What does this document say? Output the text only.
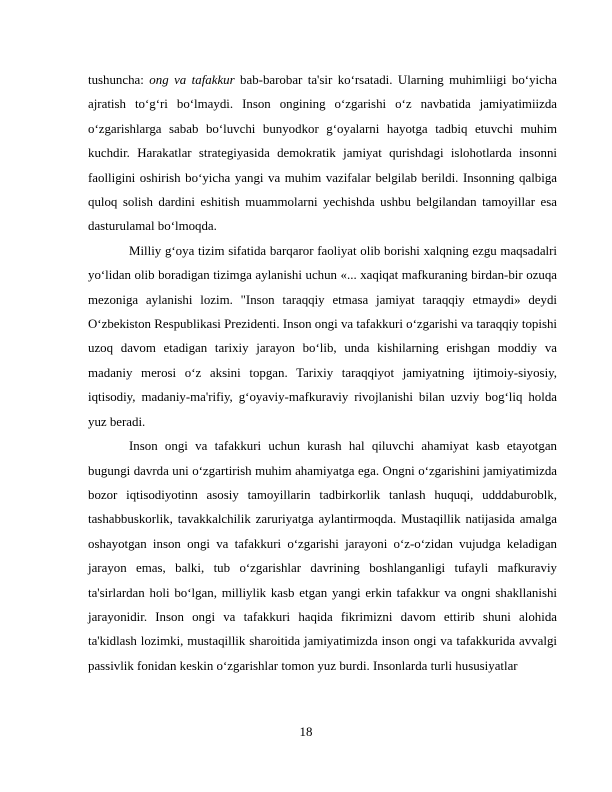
tushuncha: ong va tafakkur bab-barobar ta'sir koʻrsatadi. Ularning muhimliigi boʻyicha ajratish toʻgʻri boʻlmaydi. Inson ongining oʻzgarishi oʻz navbatida jamiyatimiizda oʻzgarishlarga sabab boʻluvchi bunyodkor gʻoyalarni hayotga tadbiq etuvchi muhim kuchdir. Harakatlar strategiyasida demokratik jamiyat qurishdagi islohotlarda insonni faolligini oshirish boʻyicha yangi va muhim vazifalar belgilab berildi. Insonning qalbiga quloq solish dardini eshitish muammolarni yechishda ushbu belgilandan tamoyillar esa dasturulamal boʻlmoqda.

Milliy gʻoya tizim sifatida barqaror faoliyat olib borishi xalqning ezgu maqsadalri yoʻlidan olib boradigan tizimga aylanishi uchun «... xaqiqat mafkuraning birdan-bir ozuqa mezoniga aylanishi lozim. "Inson taraqqiy etmasa jamiyat taraqqiy etmaydi» deydi Oʻzbekiston Respublikasi Prezidenti. Inson ongi va tafakkuri oʻzgarishi va taraqqiy topishi uzoq davom etadigan tarixiy jarayon boʻlib, unda kishilarning erishgan moddiy va madaniy merosi oʻz aksini topgan. Tarixiy taraqqiyot jamiyatning ijtimoiy-siyosiy, iqtisodiy, madaniy-ma'rifiy, gʻoyaviy-mafkuraviy rivojlanishi bilan uzviy bogʻliq holda yuz beradi.

Inson ongi va tafakkuri uchun kurash hal qiluvchi ahamiyat kasb etayotgan bugungi davrda uni oʻzgartirish muhim ahamiyatga ega. Ongni oʻzgarishini jamiyatimizda bozor iqtisodiyotinn asosiy tamoyillarin tadbirkorlik tanlash huquqi, udddaburoblk, tashabbuskorlik, tavakkalchilik zaruriyatga aylantirmoqda. Mustaqillik natijasida amalga oshayotgan inson ongi va tafakkuri oʻzgarishi jarayoni oʻz-oʻzidan vujudga keladigan jarayon emas, balki, tub oʻzgarishlar davrining boshlanganligi tufayli mafkuraviy ta'sirlardan holi boʻlgan, milliylik kasb etgan yangi erkin tafakkur va ongni shakllanishi jarayonidir. Inson ongi va tafakkuri haqida fikrimizni davom ettirib shuni alohida ta'kidlash lozimki, mustaqillik sharoitida jamiyatimizda inson ongi va tafakkurida avvalgi passivlik fonidan keskin oʻzgarishlar tomon yuz burdi. Insonlarda turli hususiyatlar

18
